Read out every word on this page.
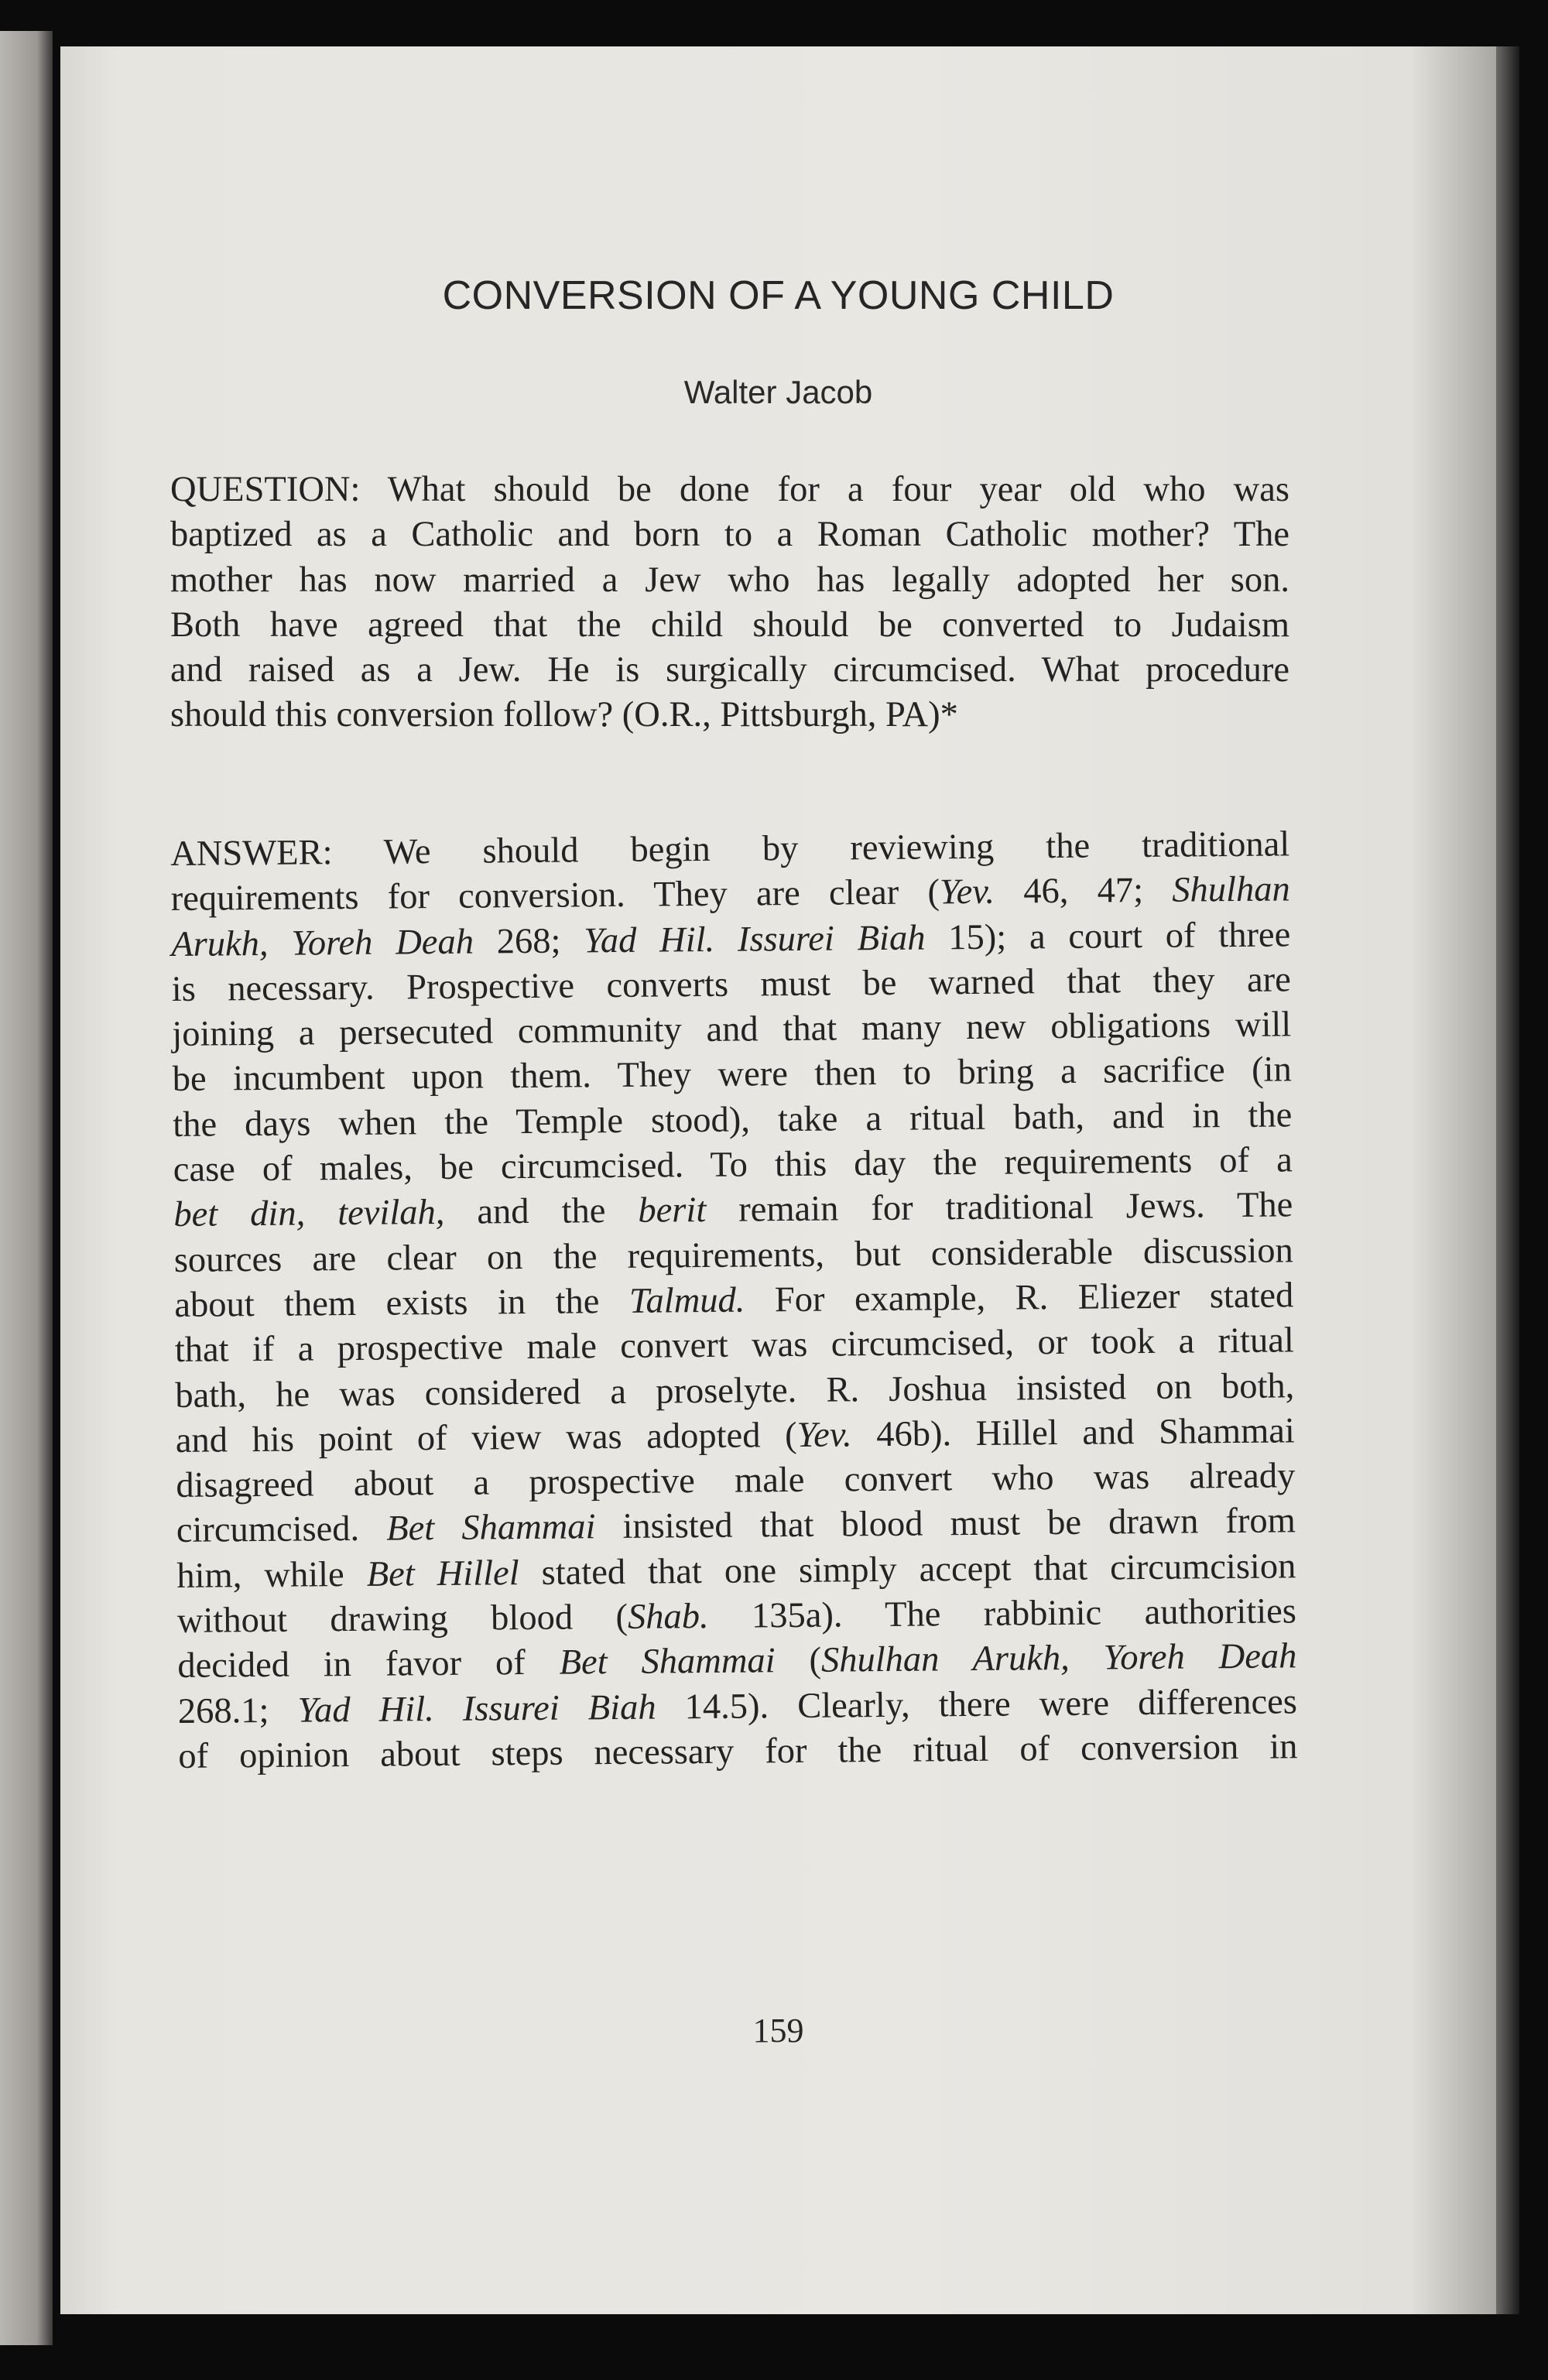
CONVERSION OF A YOUNG CHILD
Walter Jacob
QUESTION: What should be done for a four year old who was
baptized as a Catholic and born to a Roman Catholic mother? The
mother has now married a Jew who has legally adopted her son.
Both have agreed that the child should be converted to Judaism
and raised as a Jew. He is surgically circumcised. What procedure
should this conversion follow? (O.R., Pittsburgh, PA)*
ANSWER: We should begin by reviewing the traditional
requirements for conversion. They are clear (Yev. 46, 47; Shulhan
Arukh, Yoreh Deah 268; Yad Hil. Issurei Biah 15); a court of three
is necessary. Prospective converts must be warned that they are
joining a persecuted community and that many new obligations will
be incumbent upon them. They were then to bring a sacrifice (in
the days when the Temple stood), take a ritual bath, and in the
case of males, be circumcised. To this day the requirements of a
bet din, tevilah, and the berit remain for traditional Jews. The
sources are clear on the requirements, but considerable discussion
about them exists in the Talmud. For example, R. Eliezer stated
that if a prospective male convert was circumcised, or took a ritual
bath, he was considered a proselyte. R. Joshua insisted on both,
and his point of view was adopted (Yev. 46b). Hillel and Shammai
disagreed about a prospective male convert who was already
circumcised. Bet Shammai insisted that blood must be drawn from
him, while Bet Hillel stated that one simply accept that circumcision
without drawing blood (Shab. 135a). The rabbinic authorities
decided in favor of Bet Shammai (Shulhan Arukh, Yoreh Deah
268.1; Yad Hil. Issurei Biah 14.5). Clearly, there were differences
of opinion about steps necessary for the ritual of conversion in
159
